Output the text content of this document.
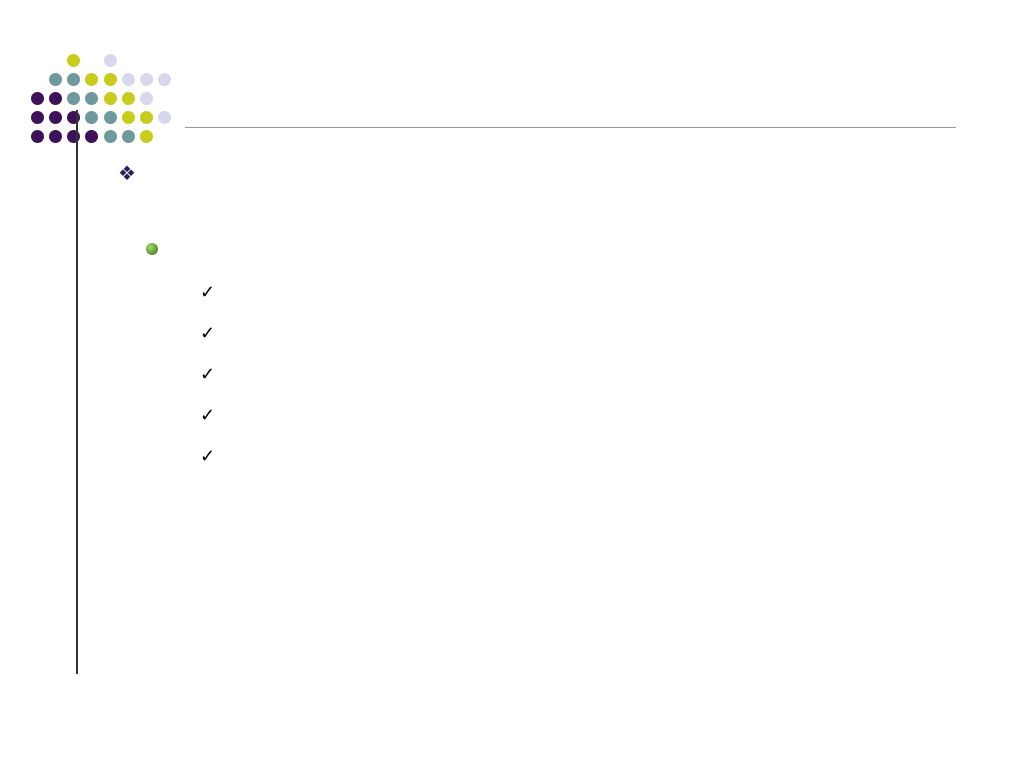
❖
✓
✓
✓
✓
✓
